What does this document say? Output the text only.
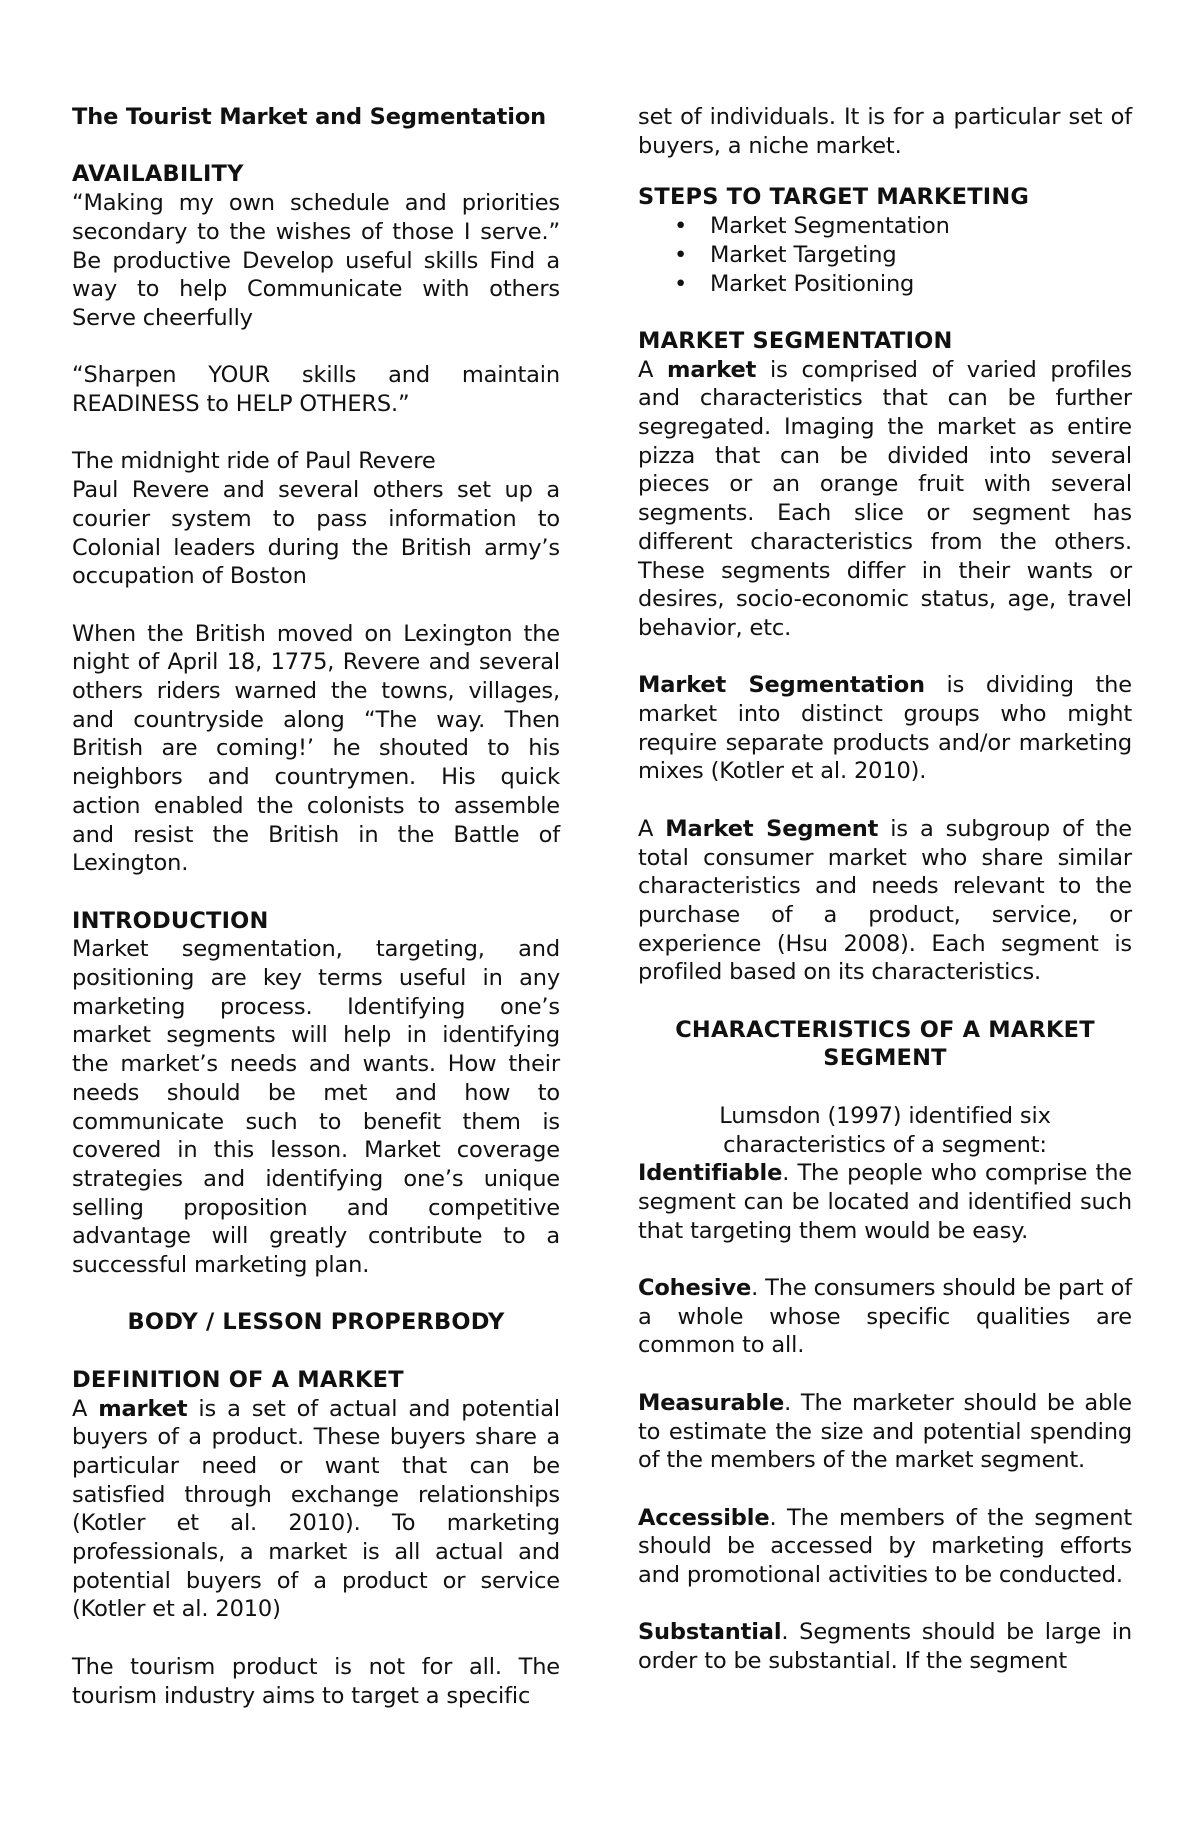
The Tourist Market and Segmentation

AVAILABILITY

“Making my own schedule and priorities secondary to the wishes of those I serve.” Be productive Develop useful skills Find a way to help Communicate with others Serve cheerfully

“Sharpen YOUR skills and maintain READINESS to HELP OTHERS.”

The midnight ride of Paul Revere

Paul Revere and several others set up a courier system to pass information to Colonial leaders during the British army’s occupation of Boston

When the British moved on Lexington the night of April 18, 1775, Revere and several others riders warned the towns, villages, and countryside along “The way. Then British are coming!’ he shouted to his neighbors and countrymen. His quick action enabled the colonists to assemble and resist the British in the Battle of Lexington.

INTRODUCTION

Market segmentation, targeting, and positioning are key terms useful in any marketing process. Identifying one’s market segments will help in identifying the market’s needs and wants. How their needs should be met and how to communicate such to benefit them is covered in this lesson. Market coverage strategies and identifying one’s unique selling proposition and competitive advantage will greatly contribute to a successful marketing plan.

BODY / LESSON PROPERBODY

DEFINITION OF A MARKET

A market is a set of actual and potential buyers of a product. These buyers share a particular need or want that can be satisfied through exchange relationships (Kotler et al. 2010). To marketing professionals, a market is all actual and potential buyers of a product or service (Kotler et al. 2010)

The tourism product is not for all. The tourism industry aims to target a specific

set of individuals. It is for a particular set of buyers, a niche market.

STEPS TO TARGET MARKETING

• Market Segmentation
• Market Targeting
• Market Positioning

MARKET SEGMENTATION

A market is comprised of varied profiles and characteristics that can be further segregated. Imaging the market as entire pizza that can be divided into several pieces or an orange fruit with several segments. Each slice or segment has different characteristics from the others. These segments differ in their wants or desires, socio-economic status, age, travel behavior, etc.

Market Segmentation is dividing the market into distinct groups who might require separate products and/or marketing mixes (Kotler et al. 2010).

A Market Segment is a subgroup of the total consumer market who share similar characteristics and needs relevant to the purchase of a product, service, or experience (Hsu 2008). Each segment is profiled based on its characteristics.

CHARACTERISTICS OF A MARKET SEGMENT

Lumsdon (1997) identified six characteristics of a segment:

Identifiable. The people who comprise the segment can be located and identified such that targeting them would be easy.

Cohesive. The consumers should be part of a whole whose specific qualities are common to all.

Measurable. The marketer should be able to estimate the size and potential spending of the members of the market segment.

Accessible. The members of the segment should be accessed by marketing efforts and promotional activities to be conducted.

Substantial. Segments should be large in order to be substantial. If the segment
